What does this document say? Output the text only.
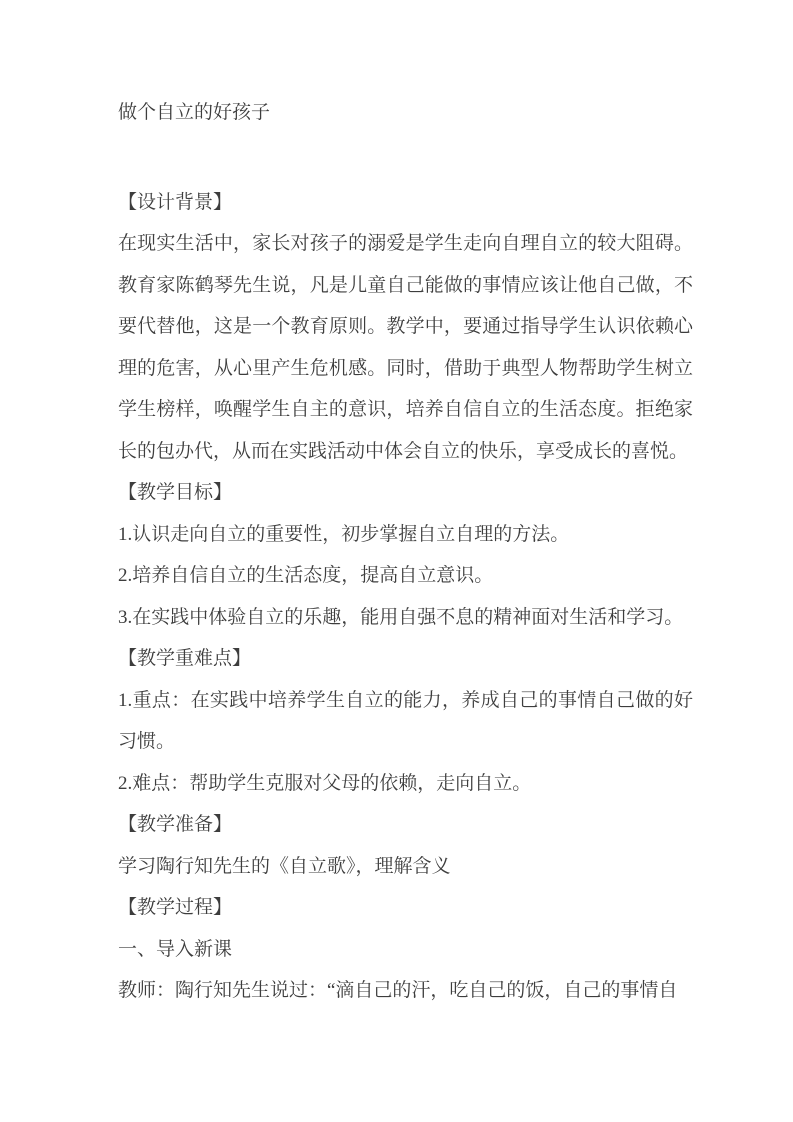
做个自立的好孩子
【设计背景】

在现实生活中，家长对孩子的溺爱是学生走向自理自立的较大阻碍。教育家陈鹤琴先生说，凡是儿童自己能做的事情应该让他自己做，不要代替他，这是一个教育原则。教学中，要通过指导学生认识依赖心理的危害，从心里产生危机感。同时，借助于典型人物帮助学生树立学生榜样，唤醒学生自主的意识，培养自信自立的生活态度。拒绝家长的包办代，从而在实践活动中体会自立的快乐，享受成长的喜悦。

【教学目标】

1.认识走向自立的重要性，初步掌握自立自理的方法。

2.培养自信自立的生活态度，提高自立意识。

3.在实践中体验自立的乐趣，能用自强不息的精神面对生活和学习。

【教学重难点】

1.重点：在实践中培养学生自立的能力，养成自己的事情自己做的好习惯。

2.难点：帮助学生克服对父母的依赖，走向自立。

【教学准备】

学习陶行知先生的《自立歌》，理解含义

【教学过程】

一、导入新课

教师：陶行知先生说过：“滴自己的汗，吃自己的饭，自己的事情自
